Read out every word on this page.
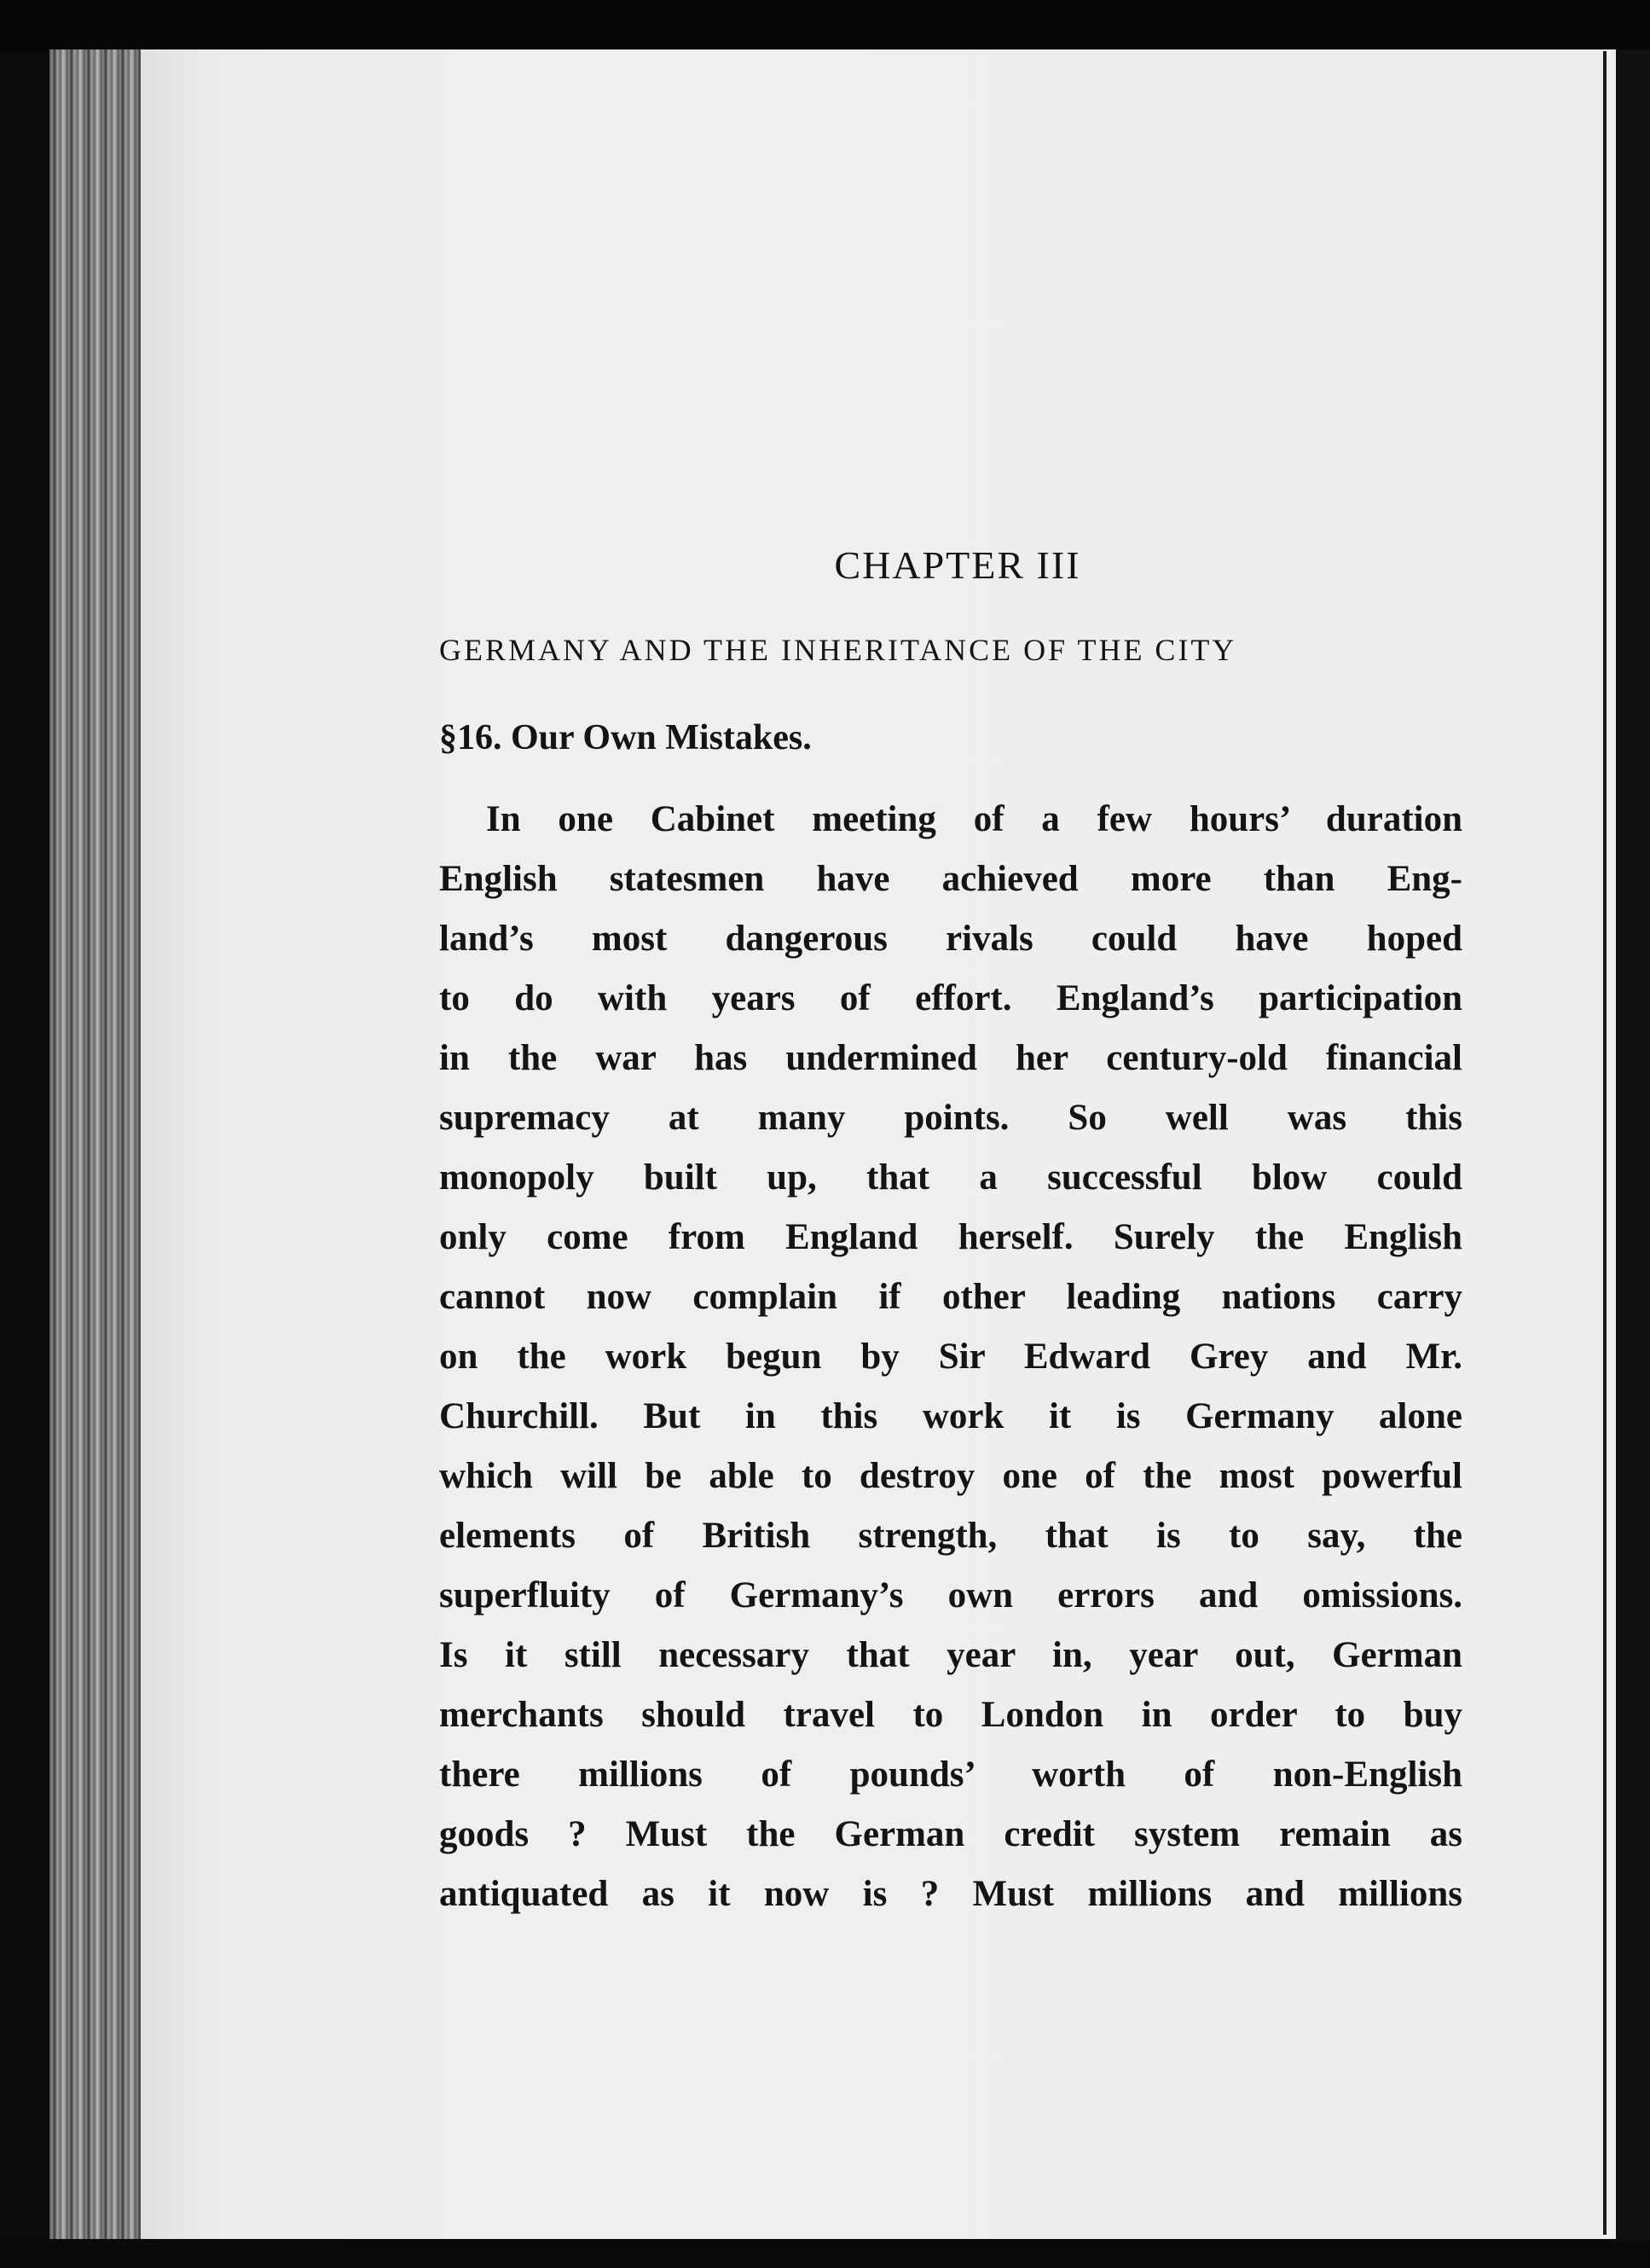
CHAPTER III
GERMANY AND THE INHERITANCE OF THE CITY
§16. Our Own Mistakes.
In one Cabinet meeting of a few hours’ duration
English statesmen have achieved more than Eng-
land’s most dangerous rivals could have hoped
to do with years of effort. England’s participation
in the war has undermined her century-old financial
supremacy at many points. So well was this
monopoly built up, that a successful blow could
only come from England herself. Surely the English
cannot now complain if other leading nations carry
on the work begun by Sir Edward Grey and Mr.
Churchill. But in this work it is Germany alone
which will be able to destroy one of the most powerful
elements of British strength, that is to say, the
superfluity of Germany’s own errors and omissions.
Is it still necessary that year in, year out, German
merchants should travel to London in order to buy
there millions of pounds’ worth of non-English
goods ? Must the German credit system remain as
antiquated as it now is ? Must millions and millions
